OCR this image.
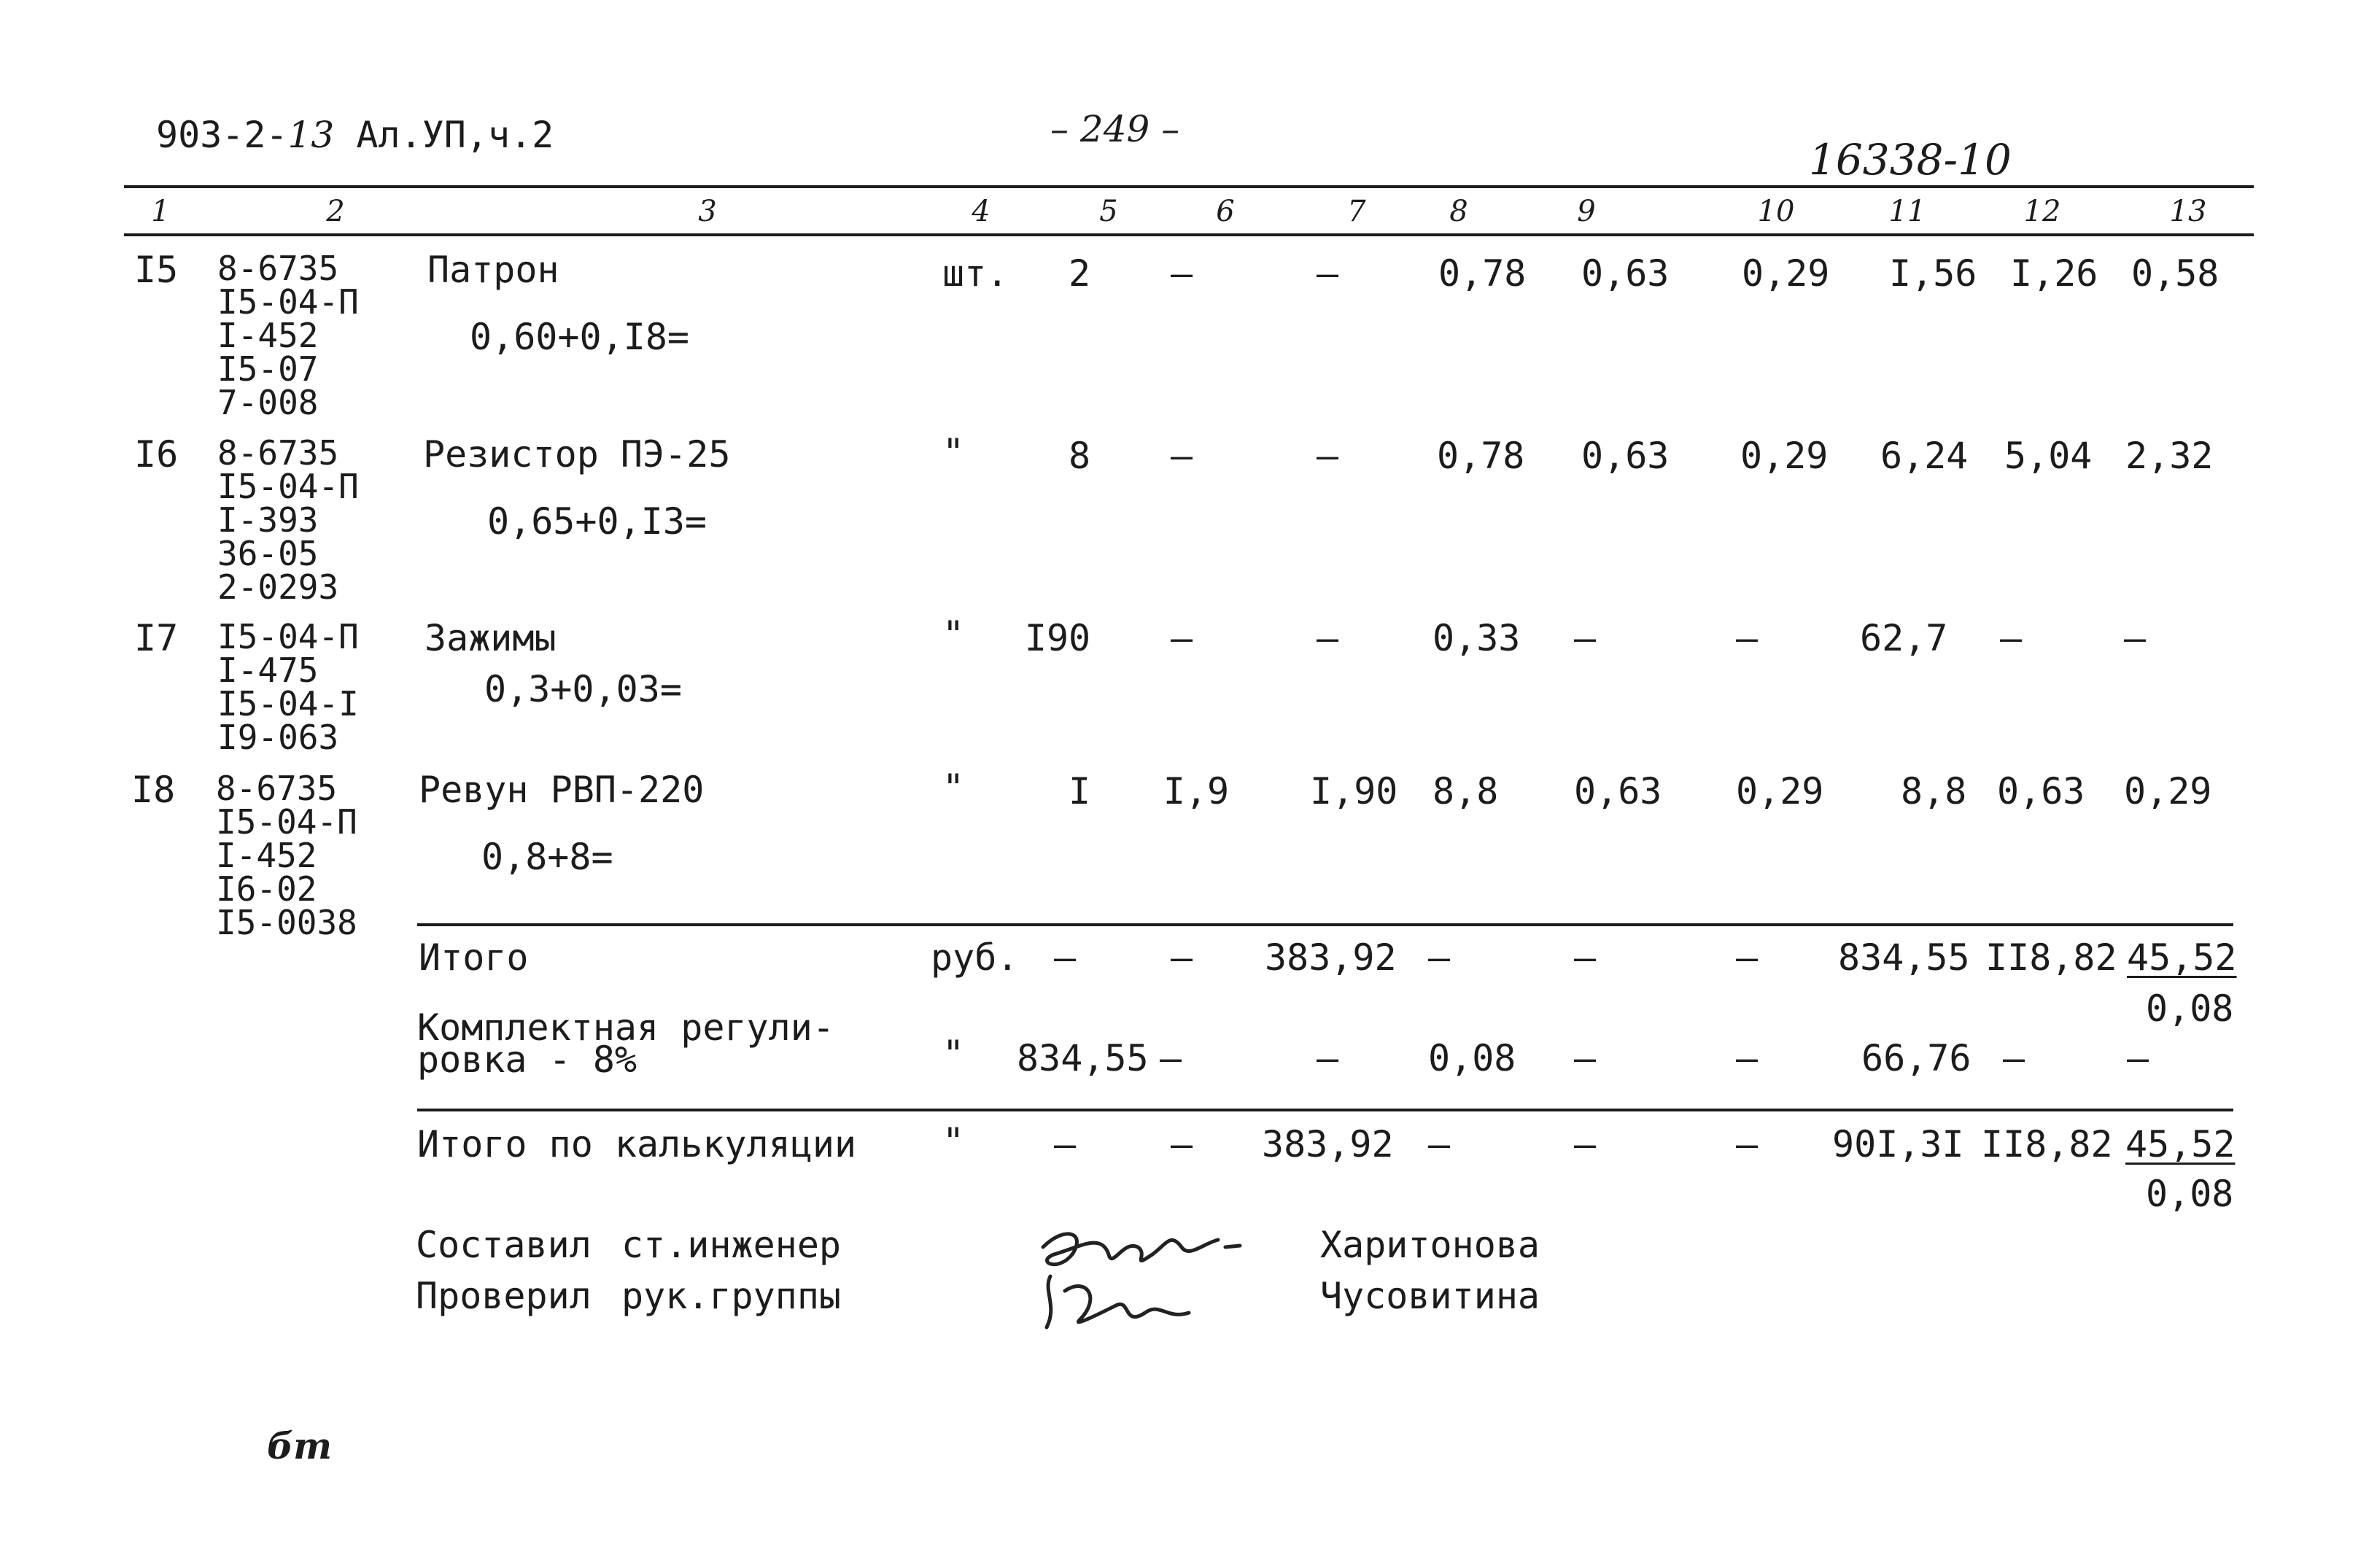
903-2-13 Ал.УП,ч.2	– 249 –
16338-10
1	2	3	4	5	6	7	8	9	10	11	12	13
I5 8-6735
I5-04-П
I-452
I5-07
7-008
Патрон
0,60+0,I8=
шт.	2	–	–	0,78 0,63 0,29 I,56 I,26 0,58
I6 8-6735
I5-04-П
I-393
36-05
2-0293
Резистор ПЭ-25
0,65+0,I3=
"	8	–	–	0,78 0,63 0,29 6,24 5,04 2,32
I7 I5-04-П
I-475
I5-04-I
I9-063
Зажимы
0,3+0,03=
"	I90	–	–	0,33 –	–	62,7 –	–
I8 8-6735
I5-04-П
I-452
I6-02
I5-0038
Ревун РВП-220
0,8+8=
"	I	I,9 I,90 8,8 0,63 0,29 8,8 0,63 0,29
Итого	руб. –	–	383,92 –	–	– 834,55 II8,82 45,52
0,08
Комплектная регули-
ровка - 8%	" 834,55 –	–	0,08 –	–	66,76 –	–
Итого по калькуляции "	–	–	383,92 –	–	– 90I,3I II8,82 45,52
0,08
Составил ст.инженер	Харитонова
Проверил рук.группы	Чусовитина
бт
